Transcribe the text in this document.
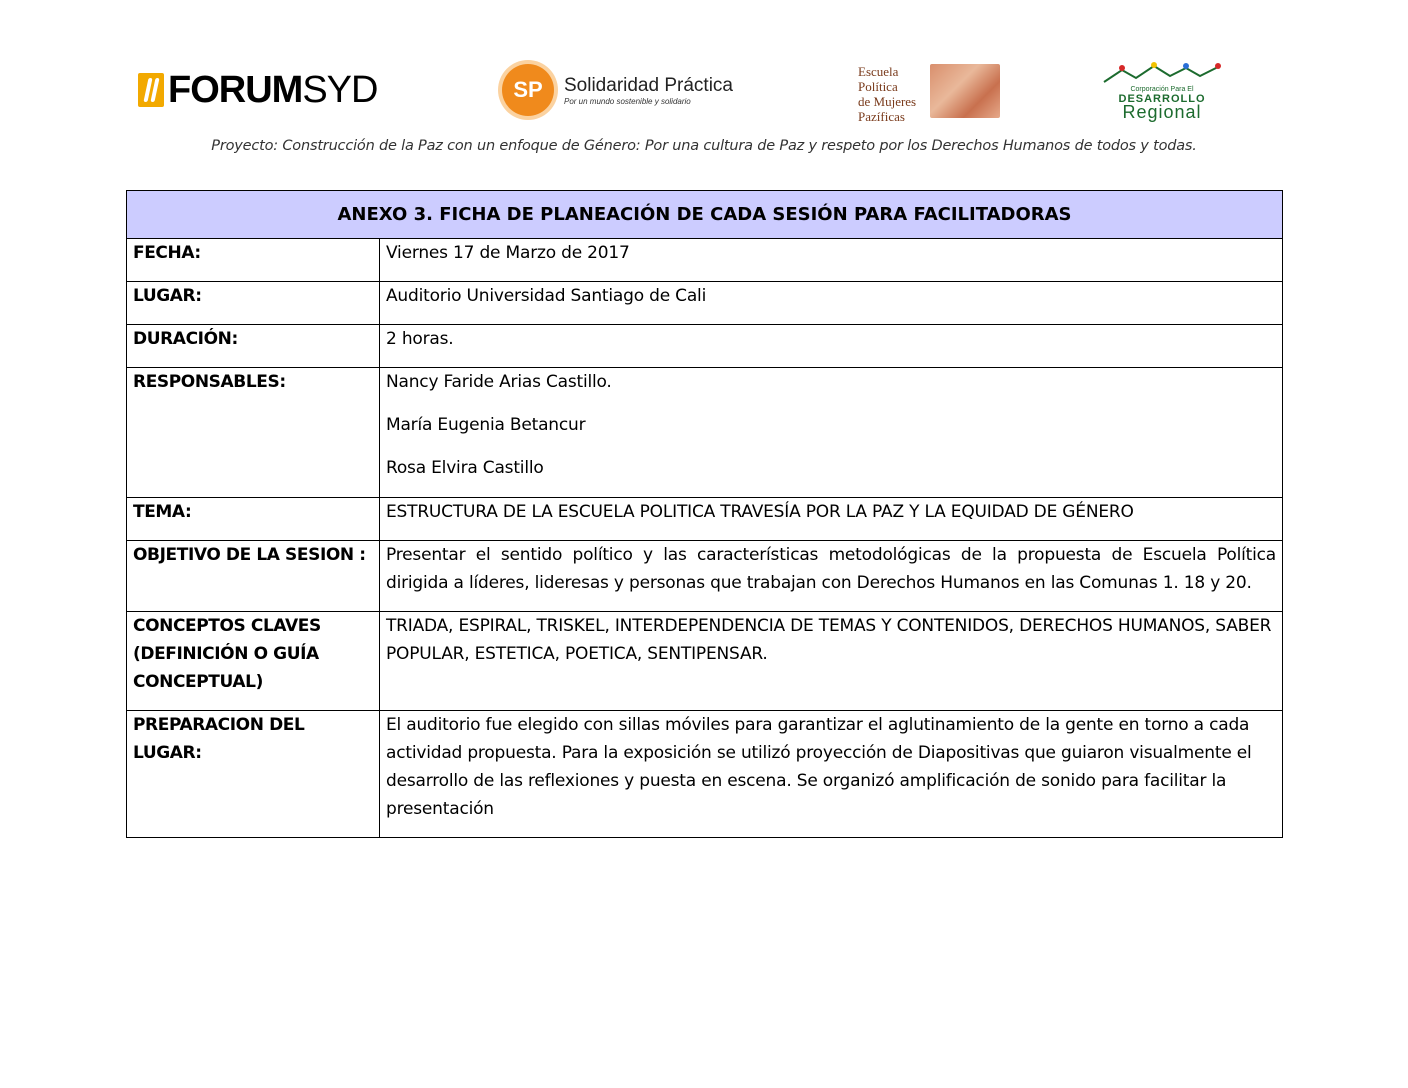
FORUM SYD	SP	Solidaridad Práctica
Por un mundo sostenible y solidario
Escuela Política
de Mujeres
Pazíficas
Corporación Para El
DESARROLLO
Regional
Proyecto: Construcción de la Paz con un enfoque de Género: Por una cultura de Paz y respeto por los Derechos Humanos de todos y todas.
ANEXO 3. FICHA DE PLANEACIÓN DE CADA SESIÓN PARA FACILITADORAS	
FECHA:	Viernes 17 de Marzo de 2017
LUGAR:	Auditorio Universidad Santiago de Cali
DURACIÓN:	2 horas.
RESPONSABLES:	Nancy Faride Arias Castillo.
María Eugenia Betancur
Rosa Elvira Castillo

TEMA:	ESTRUCTURA DE LA ESCUELA POLITICA TRAVESÍA POR LA PAZ Y LA EQUIDAD DE GÉNERO
OBJETIVO DE LA SESION :	Presentar el sentido político y las características metodológicas de la propuesta de Escuela Política dirigida a líderes, lideresas y personas que trabajan con Derechos Humanos en las Comunas 1. 18 y 20.
CONCEPTOS CLAVES (DEFINICIÓN O GUÍA CONCEPTUAL)	TRIADA, ESPIRAL, TRISKEL, INTERDEPENDENCIA DE TEMAS Y CONTENIDOS, DERECHOS HUMANOS, SABER POPULAR, ESTETICA, POETICA, SENTIPENSAR.
PREPARACION DEL LUGAR:	El auditorio fue elegido con sillas móviles para garantizar el aglutinamiento de la gente en torno a cada actividad propuesta. Para la exposición se utilizó proyección de Diapositivas que guiaron visualmente el desarrollo de las reflexiones y puesta en escena. Se organizó amplificación de sonido para facilitar la presentación
